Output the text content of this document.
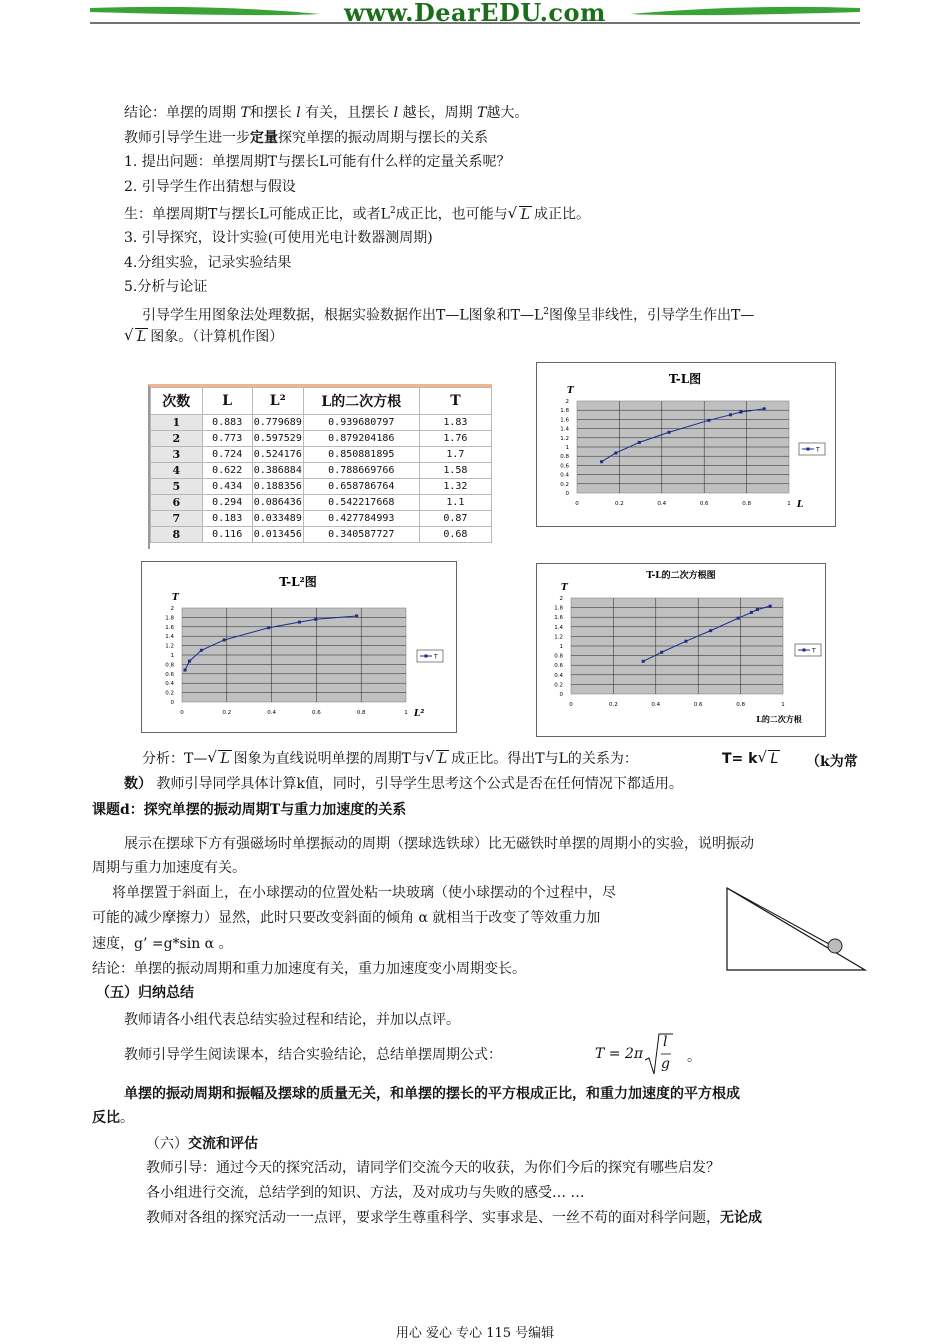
www.DearEDU.com
结论：单摆的周期 T和摆长 l 有关，且摆长 l 越长，周期 T越大。
教师引导学生进一步定量探究单摆的振动周期与摆长的关系
1. 提出问题：单摆周期T与摆长L可能有什么样的定量关系呢？
2. 引导学生作出猜想与假设
生：单摆周期T与摆长L可能成正比，或者$L^2$成正比，也可能与 √ L 成正比。
3. 引导探究，设计实验(可使用光电计数器测周期)
4.分组实验，记录实验结果
5.分析与论证
引导学生用图象法处理数据，根据实验数据作出T—L图象和$T—L^2$图像呈非线性，引导学生作出T—
√ L 图象。（计算机作图）
次数	L	L²	L的二次方根	T
1	0.883	0.779689	0.939680797	1.83
2	0.773	0.597529	0.879204186	1.76
3	0.724	0.524176	0.850881895	1.7
4	0.622	0.386884	0.788669766	1.58
5	0.434	0.188356	0.658786764	1.32
6	0.294	0.086436	0.542217668	1.1
7	0.183	0.033489	0.427784993	0.87
8	0.116	0.013456	0.340587727	0.68
T-L图
T
L
0
0.2
0.4
0.6
0.8
1
1.2
1.4
1.6
1.8
2
0	0.2	0.4	0.6	0.8	1
T
T-L²图
T
L²
0
0.2
0.4
0.6
0.8
1
1.2
1.4
1.6
1.8
2
0	0.2	0.4	0.6	0.8	1
T
T-L的二次方根图
T
L的二次方根
0
0.2
0.4
0.6
0.8
1
1.2
1.4
1.6
1.8
2
0	0.2	0.4	0.6	0.8	1
T
分析：T— √ L 图象为直线说明单摆的周期T与 √ L 成正比。得出T与L的关系为：	T= k √ L （k为常
数） 教师引导同学具体计算k值，同时，引导学生思考这个公式是否在任何情况下都适用。
课题d：探究单摆的振动周期T与重力加速度的关系
展示在摆球下方有强磁场时单摆振动的周期（摆球选铁球）比无磁铁时单摆的周期小的实验，说明振动
周期与重力加速度有关。
将单摆置于斜面上，在小球摆动的位置处粘一块玻璃（使小球摆动的个过程中，尽
可能的减少摩擦力）显然，此时只要改变斜面的倾角 α 就相当于改变了等效重力加
速度，g’ =g*sin α 。
结论：单摆的振动周期和重力加速度有关，重力加速度变小周期变长。
（五）归纳总结
教师请各小组代表总结实验过程和结论，并加以点评。
教师引导学生阅读课本，结合实验结论，总结单摆周期公式：	T = 2π
l
g 。
单摆的振动周期和振幅及摆球的质量无关，和单摆的摆长的平方根成正比，和重力加速度的平方根成
反比。
（六）交流和评估
教师引导：通过今天的探究活动，请同学们交流今天的收获，为你们今后的探究有哪些启发？
各小组进行交流，总结学到的知识、方法，及对成功与失败的感受… …
教师对各组的探究活动一一点评，要求学生尊重科学、实事求是、一丝不苟的面对科学问题，无论成
用心 爱心 专心 115 号编辑
